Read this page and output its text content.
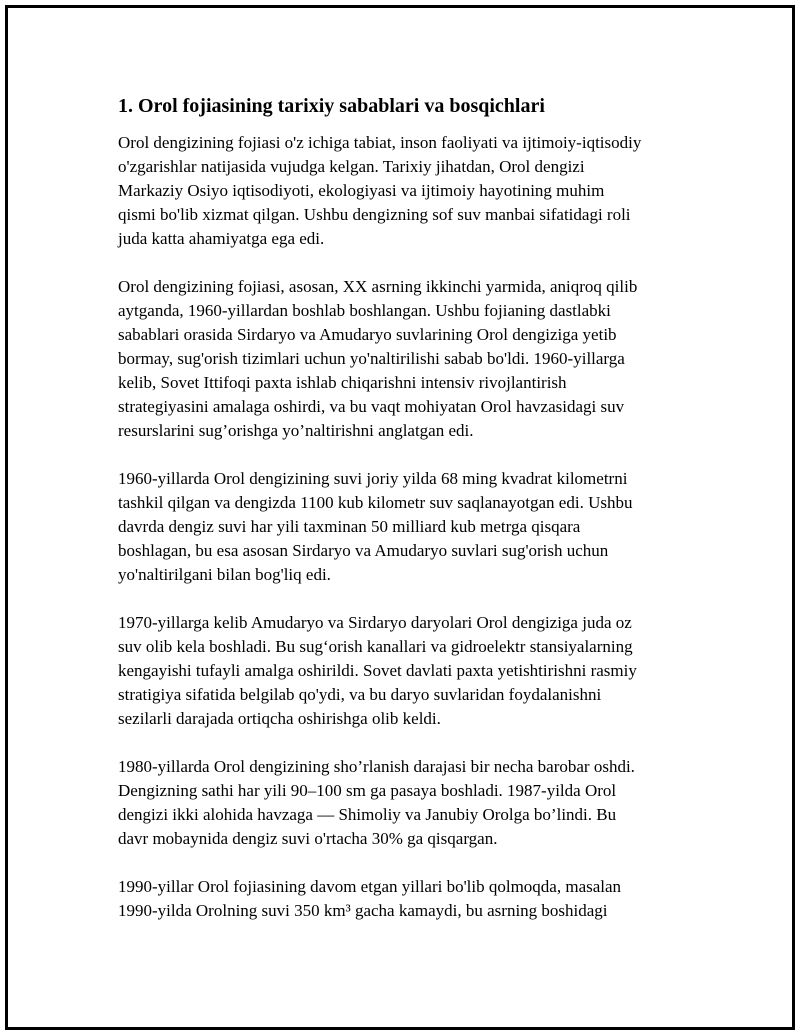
1. Orol fojiasining tarixiy sabablari va bosqichlari

Orol dengizining fojiasi o'z ichiga tabiat, inson faoliyati va ijtimoiy-iqtisodiy
o'zgarishlar natijasida vujudga kelgan. Tarixiy jihatdan, Orol dengizi
Markaziy Osiyo iqtisodiyoti, ekologiyasi va ijtimoiy hayotining muhim
qismi bo'lib xizmat qilgan. Ushbu dengizning sof suv manbai sifatidagi roli
juda katta ahamiyatga ega edi.

Orol dengizining fojiasi, asosan, XX asrning ikkinchi yarmida, aniqroq qilib
aytganda, 1960-yillardan boshlab boshlangan. Ushbu fojianing dastlabki
sabablari orasida Sirdaryo va Amudaryo suvlarining Orol dengiziga yetib
bormay, sug'orish tizimlari uchun yo'naltirilishi sabab bo'ldi. 1960-yillarga
kelib, Sovet Ittifoqi paxta ishlab chiqarishni intensiv rivojlantirish
strategiyasini amalaga oshirdi, va bu vaqt mohiyatan Orol havzasidagi suv
resurslarini sug’orishga yo’naltirishni anglatgan edi.

1960-yillarda Orol dengizining suvi joriy yilda 68 ming kvadrat kilometrni
tashkil qilgan va dengizda 1100 kub kilometr suv saqlanayotgan edi. Ushbu
davrda dengiz suvi har yili taxminan 50 milliard kub metrga qisqara
boshlagan, bu esa asosan Sirdaryo va Amudaryo suvlari sug'orish uchun
yo'naltirilgani bilan bog'liq edi.

1970-yillarga kelib Amudaryo va Sirdaryo daryolari Orol dengiziga juda oz
suv olib kela boshladi. Bu sug‘orish kanallari va gidroelektr stansiyalarning
kengayishi tufayli amalga oshirildi. Sovet davlati paxta yetishtirishni rasmiy
stratigiya sifatida belgilab qo'ydi, va bu daryo suvlaridan foydalanishni
sezilarli darajada ortiqcha oshirishga olib keldi.

1980-yillarda Orol dengizining sho’rlanish darajasi bir necha barobar oshdi.
Dengizning sathi har yili 90–100 sm ga pasaya boshladi. 1987-yilda Orol
dengizi ikki alohida havzaga — Shimoliy va Janubiy Orolga bo’lindi. Bu
davr mobaynida dengiz suvi o'rtacha 30% ga qisqargan.

1990-yillar Orol fojiasining davom etgan yillari bo'lib qolmoqda, masalan
1990-yilda Orolning suvi 350 km³ gacha kamaydi, bu asrning boshidagi
